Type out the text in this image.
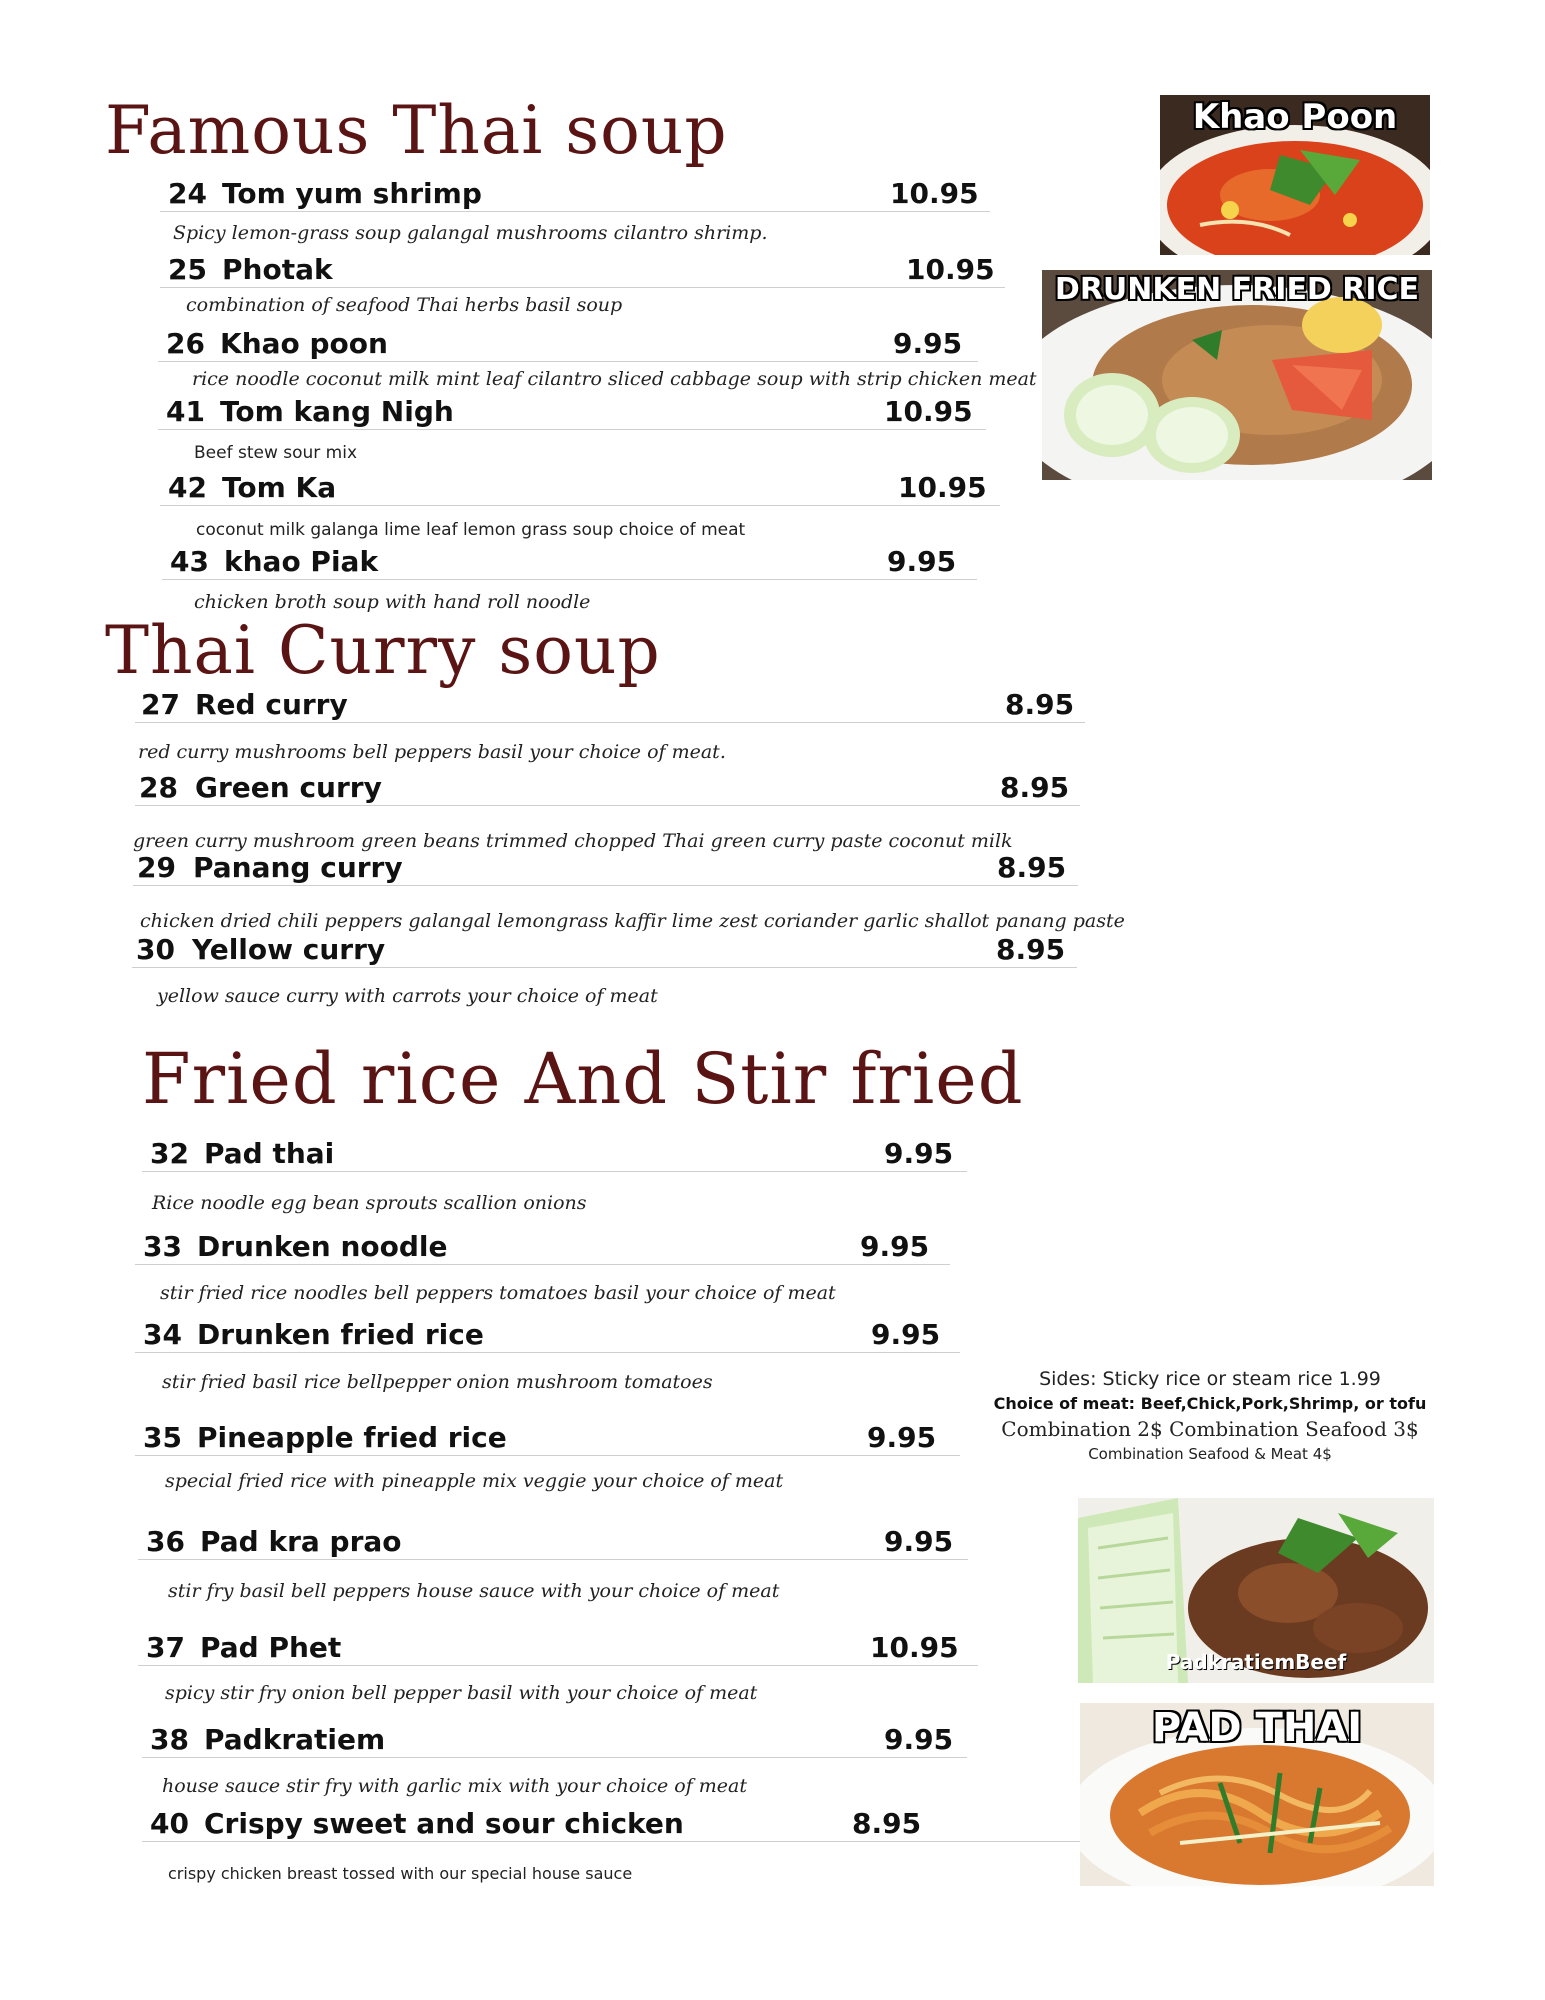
Famous Thai soup
Thai Curry soup
Fried rice And Stir fried
24 Tom yum shrimp	10.95
Spicy lemon-grass soup galangal mushrooms cilantro shrimp.
25 Photak	10.95
combination of seafood Thai herbs basil soup
26 Khao poon	9.95
rice noodle coconut milk mint leaf cilantro sliced cabbage soup with strip chicken meat
41 Tom kang Nigh	10.95
Beef stew sour mix
42 Tom Ka	10.95
coconut milk galanga lime leaf lemon grass soup choice of meat
43 khao Piak	9.95
chicken broth soup with hand roll noodle
27 Red curry	8.95
red curry mushrooms bell peppers basil your choice of meat.
28 Green curry	8.95
green curry mushroom green beans trimmed chopped Thai green curry paste coconut milk
29 Panang curry	8.95
chicken dried chili peppers galangal lemongrass kaffir lime zest coriander garlic shallot panang paste
30 Yellow curry	8.95
yellow sauce curry with carrots your choice of meat
32 Pad thai	9.95
Rice noodle egg bean sprouts scallion onions
33 Drunken noodle	9.95
stir fried rice noodles bell peppers tomatoes basil your choice of meat
34 Drunken fried rice	9.95
stir fried basil rice bellpepper onion mushroom tomatoes
35 Pineapple fried rice	9.95
special fried rice with pineapple mix veggie your choice of meat
36 Pad kra prao	9.95
stir fry basil bell peppers house sauce with your choice of meat
37 Pad Phet	10.95
spicy stir fry onion bell pepper basil with your choice of meat
38 Padkratiem	9.95
house sauce stir fry with garlic mix with your choice of meat
40 Crispy sweet and sour chicken	8.95
crispy chicken breast tossed with our special house sauce
Sides: Sticky rice or steam rice 1.99
Choice of meat: Beef,Chick,Pork,Shrimp, or tofu
Combination 2$ Combination Seafood 3$
Combination Seafood & Meat 4$
Khao Poon
DRUNKEN FRIED RICE
PadkratiemBeef
PAD THAI
